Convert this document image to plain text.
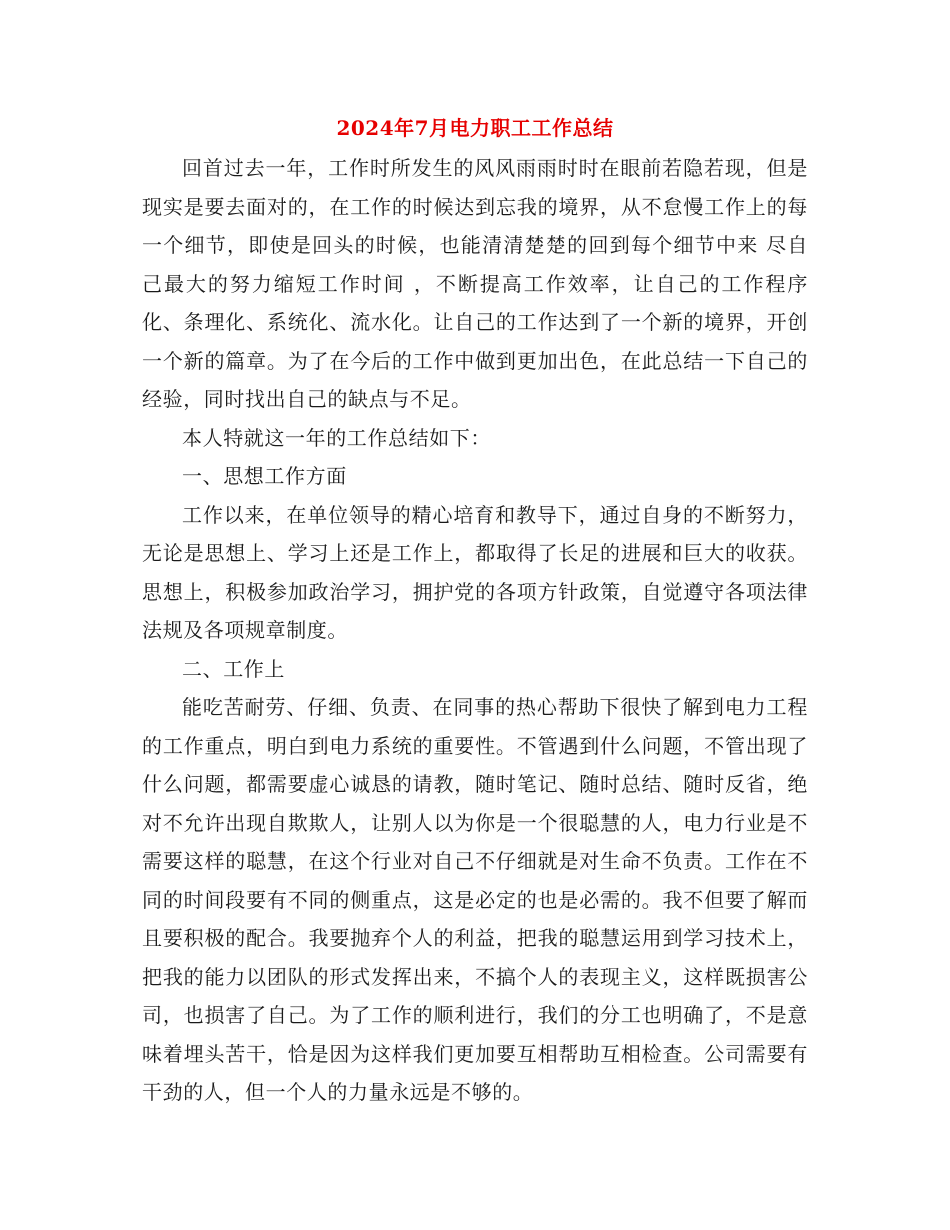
2024年7月电力职工工作总结

回首过去一年，工作时所发生的风风雨雨时时在眼前若隐若现，但是现实是要去面对的，在工作的时候达到忘我的境界，从不怠慢工作上的每一个细节，即使是回头的时候，也能清清楚楚的回到每个细节中来 尽自己最大的努力缩短工作时间 ，不断提高工作效率，让自己的工作程序化、条理化、系统化、流水化。让自己的工作达到了一个新的境界，开创一个新的篇章。为了在今后的工作中做到更加出色，在此总结一下自己的经验，同时找出自己的缺点与不足。

本人特就这一年的工作总结如下：

一、思想工作方面

工作以来，在单位领导的精心培育和教导下，通过自身的不断努力，无论是思想上、学习上还是工作上，都取得了长足的进展和巨大的收获。思想上，积极参加政治学习，拥护党的各项方针政策，自觉遵守各项法律法规及各项规章制度。

二、工作上

能吃苦耐劳、仔细、负责、在同事的热心帮助下很快了解到电力工程的工作重点，明白到电力系统的重要性。不管遇到什么问题，不管出现了什么问题，都需要虚心诚恳的请教，随时笔记、随时总结、随时反省，绝对不允许出现自欺欺人，让别人以为你是一个很聪慧的人，电力行业是不需要这样的聪慧，在这个行业对自己不仔细就是对生命不负责。工作在不同的时间段要有不同的侧重点，这是必定的也是必需的。我不但要了解而且要积极的配合。我要抛弃个人的利益，把我的聪慧运用到学习技术上，把我的能力以团队的形式发挥出来，不搞个人的表现主义，这样既损害公司，也损害了自己。为了工作的顺利进行，我们的分工也明确了，不是意味着埋头苦干，恰是因为这样我们更加要互相帮助互相检查。公司需要有干劲的人，但一个人的力量永远是不够的。
